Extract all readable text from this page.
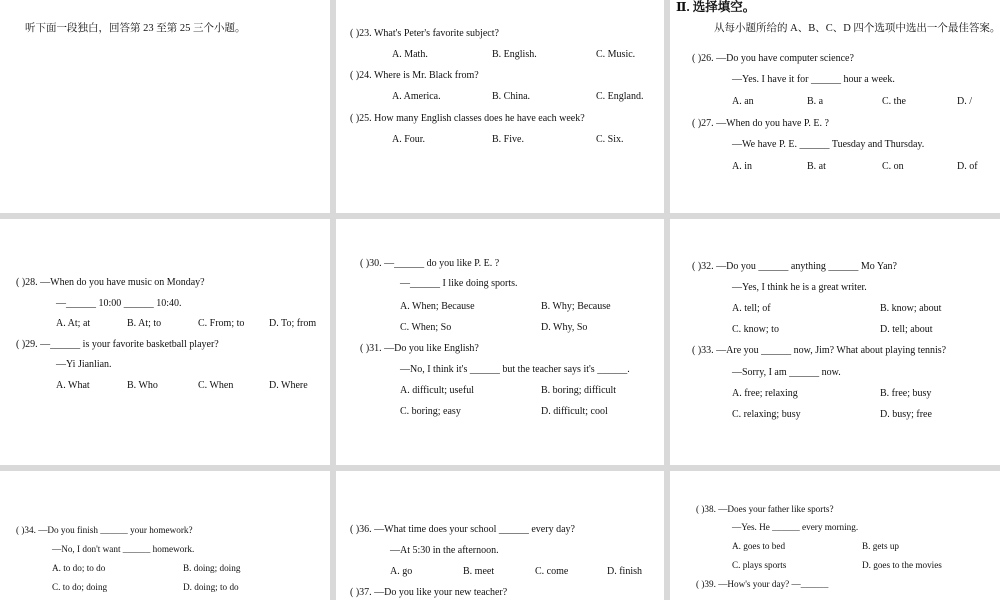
听下面一段独白，回答第 23 至第 25 三个小题。	( )23. What's Peter's favorite subject?
A. Math.	B. English.	C. Music.
( )24. Where is Mr. Black from?
A. America.	B. China.	C. England.
( )25. How many English classes does he have each week?
A. Four.	B. Five.	C. Six.
Ⅱ. 选择填空。
从每小题所给的 A、B、C、D 四个选项中选出一个最佳答案。
( )26. —Do you have computer science?
—Yes. I have it for ______ hour a week.
A. an	B. a	C. the	D. /
( )27. —When do you have P. E. ?
—We have P. E. ______ Tuesday and Thursday.
A. in	B. at	C. on	D. of
( )28. —When do you have music on Monday?
—______ 10:00 ______ 10:40.
A. At; at	B. At; to	C. From; to D. To; from
( )29. —______ is your favorite basketball player?
—Yi Jianlian.
A. What	B. Who	C. When	D. Where
( )30. —______ do you like P. E. ?
—______ I like doing sports.
A. When; Because	B. Why; Because
C. When; So	D. Why, So
( )31. —Do you like English?
—No, I think it's ______ but the teacher says it's ______.
A. difficult; useful	B. boring; difficult
C. boring; easy	D. difficult; cool
( )32. —Do you ______ anything ______ Mo Yan?
—Yes, I think he is a great writer.
A. tell; of	B. know; about
C. know; to	D. tell; about
( )33. —Are you ______ now, Jim? What about playing tennis?
—Sorry, I am ______ now.
A. free; relaxing	B. free; busy
C. relaxing; busy	D. busy; free
( )34. —Do you finish ______ your homework?
—No, I don't want ______ homework.
A. to do; to do	B. doing; doing
C. to do; doing	D. doing; to do
( )36. —What time does your school ______ every day?
—At 5:30 in the afternoon.
A. go	B. meet	C. come	D. finish
( )37. —Do you like your new teacher?
( )38. —Does your father like sports?
—Yes. He ______ every morning.
A. goes to bed	B. gets up
C. plays sports	D. goes to the movies
( )39. —How's your day? —______
